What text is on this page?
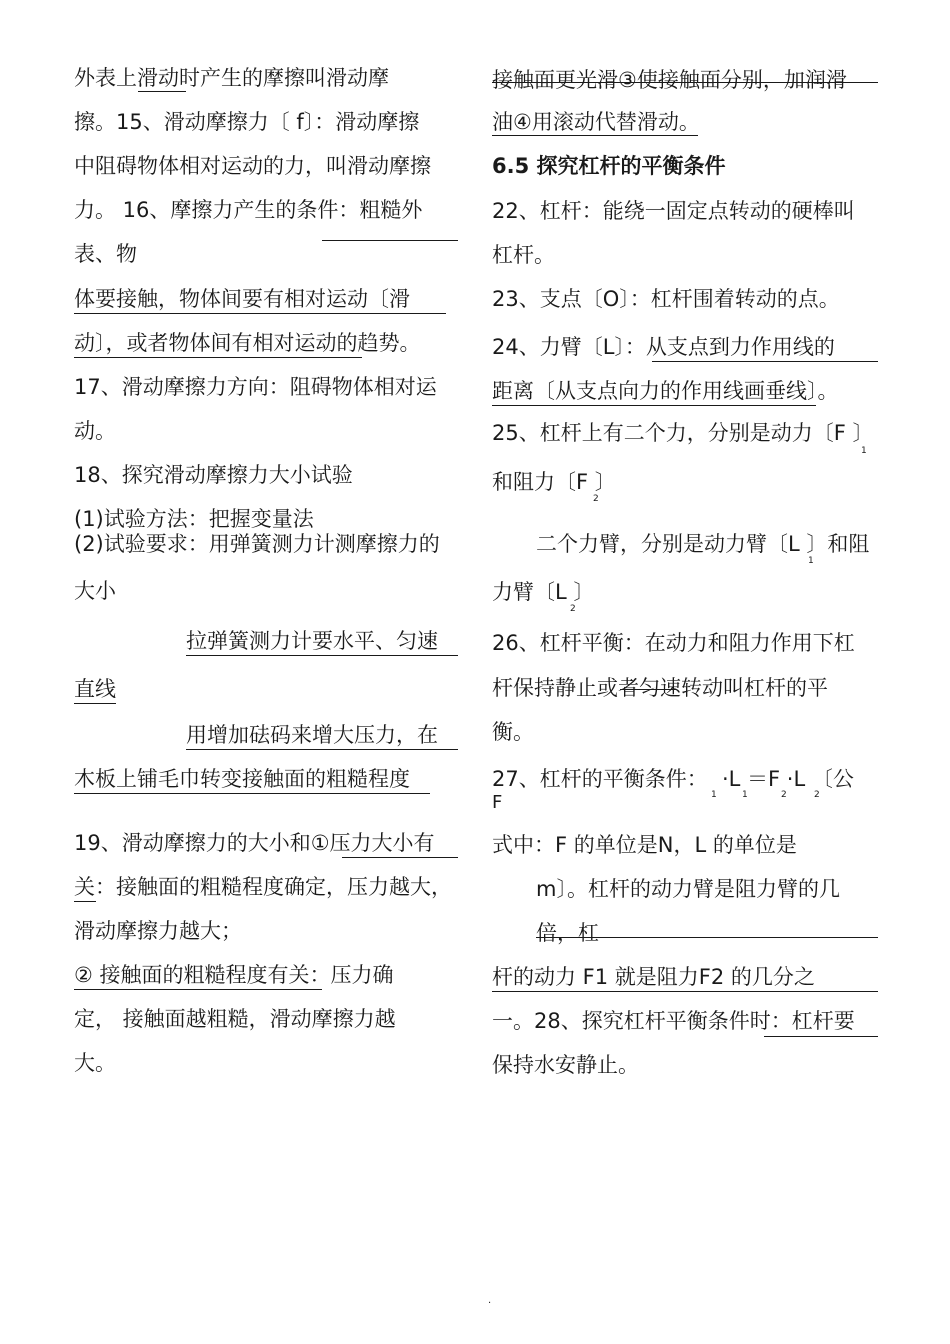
外表上滑动时产生的摩擦叫滑动摩
擦。15、滑动摩擦力〔 f〕：滑动摩擦
中阻碍物体相对运动的力，叫滑动摩擦
力。 16、摩擦力产生的条件：粗糙外
表、物
体要接触，物体间要有相对运动〔滑
动〕，或者物体间有相对运动的趋势。
17、滑动摩擦力方向：阻碍物体相对运
动。
18、探究滑动摩擦力大小试验
(1)试验方法：把握变量法
(2)试验要求：用弹簧测力计测摩擦力的
大小
拉弹簧测力计要水平、匀速
直线
用增加砝码来增大压力，在
木板上铺毛巾转变接触面的粗糙程度
19、滑动摩擦力的大小和①压力大小有
关：接触面的粗糙程度确定，压力越大，
滑动摩擦力越大；
② 接触面的粗糙程度有关：压力确
定， 接触面越粗糙，滑动摩擦力越
大。
接触面更光滑③使接触面分别，加润滑
油④用滚动代替滑动。
6.5 探究杠杆的平衡条件
22、杠杆：能绕一固定点转动的硬棒叫
杠杆。
23、支点〔O〕：杠杆围着转动的点。
24、力臂〔L〕：从支点到力作用线的
距离〔从支点向力的作用线画垂线〕。
25、杠杆上有二个力，分别是动力〔F 〕
1
和阻力〔F 〕
2
二个力臂，分别是动力臂〔L 〕和阻
1
力臂〔L 〕
2
26、杠杆平衡：在动力和阻力作用下杠
杆保持静止或者匀速转动叫杠杆的平
衡。
27、杠杆的平衡条件： ·L ＝F ·L 〔公
1	1	2	2
F
式中：F 的单位是N，L 的单位是
m〕。杠杆的动力臂是阻力臂的几
倍，杠
杆的动力 F1 就是阻力F2 的几分之
一。28、探究杠杆平衡条件时：杠杆要
保持水安静止。
.
